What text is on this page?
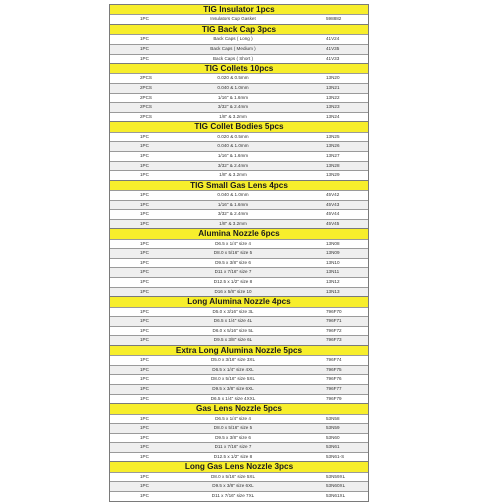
TIG Insulator 1pcs
1PC	Insulators Cup Gasket	598882
TIG Back Cap 3pcs
1PC	Back Caps ( Long )	41V24
1PC	Back Caps ( Medium )	41V35
1PC	Back Caps ( Short )	41V33
TIG Collets 10pcs
2PCS	0.020 & 0.5mm	13N20
2PCS	0.040 & 1.0mm	13N21
2PCS	1/16" & 1.6mm	13N22
2PCS	3/32" & 2.4mm	13N23
2PCS	1/8" & 3.2mm	13N24
TIG Collet Bodies 5pcs
1PC	0.020 & 0.5mm	13N25
1PC	0.040 & 1.0mm	13N26
1PC	1/16" & 1.6mm	13N27
1PC	3/32" & 2.4mm	13N28
1PC	1/8" & 3.2mm	13N29
TIG Small Gas Lens 4pcs
1PC	0.040 & 1.0mm	45V42
1PC	1/16" & 1.6mm	45V43
1PC	3/32" & 2.4mm	45V44
1PC	1/8" & 3.2mm	45V45
Alumina Nozzle 6pcs
1PC	D6.5 x 1/4" size 4	13N08
1PC	D8.0 x 5/16" size 5	13N09
1PC	D9.5 x 3/8" size 6	13N10
1PC	D11 x 7/16" size 7	13N11
1PC	D12.5 x 1/2" size 8	13N12
1PC	D16 x 5/8" size 10	13N13
Long Alumina Nozzle 4pcs
1PC	D5.0 x 3/16" size 3L	796F70
1PC	D6.5 x 1/4" size 4L	796F71
1PC	D6.0 x 5/16" size 5L	796F72
1PC	D9.5 x 3/8" size 6L	796F73
Extra Long Alumina Nozzle 5pcs
1PC	D5.0 x 3/16" size 3XL	796F74
1PC	D6.5 x 1/4" size 4XL	796F75
1PC	D8.0 x 5/16" size 5XL	796F76
1PC	D9.5 x 3/8" size 6XL	796F77
1PC	D6.5 x 1/4" size 4XXL	796F79
Gas Lens Nozzle 5pcs
1PC	D6.5 x 1/4" size 4	53N58
1PC	D8.0 x 5/16" size 5	53N59
1PC	D9.5 x 3/8" size 6	53N60
1PC	D11 x 7/16" size 7	53N61
1PC	D12.5 x 1/2" size 8	53N61-S
Long Gas Lens Nozzle 3pcs
1PC	D8.0 x 5/16" size 5XL	53N59XL
1PC	D9.5 x 3/8" size 6XL	53N60XL
1PC	D11 x 7/16" size 7XL	53N61XL
